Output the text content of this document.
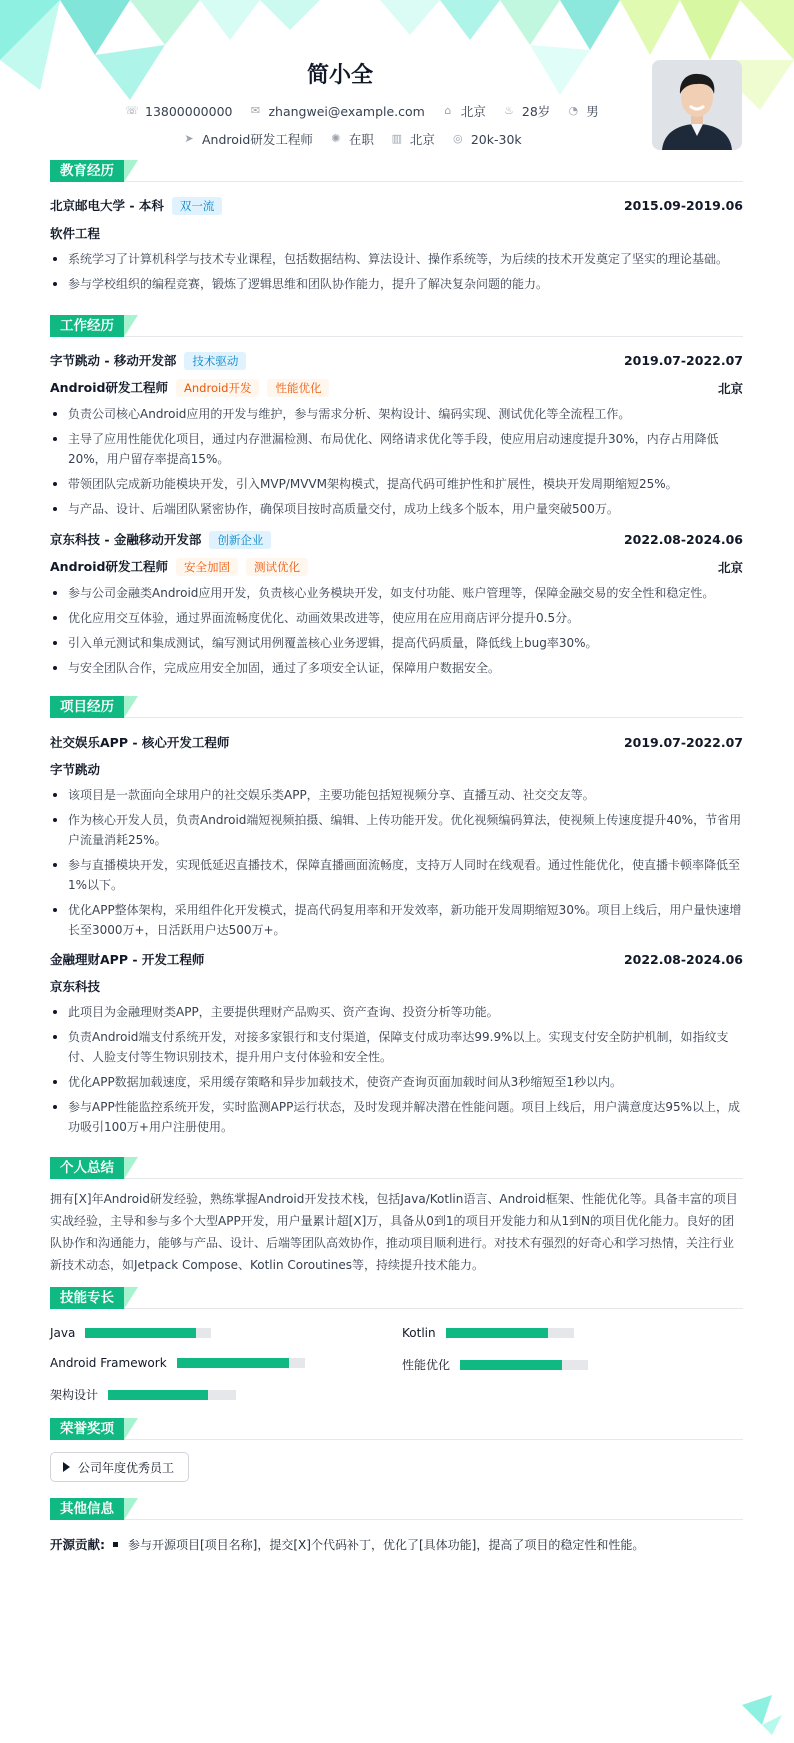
简小全
☏ 13800000000 ✉ zhangwei@example.com	⌂ 北京 ♨ 28岁 ◔ 男
➤ Android研发工程师 ✺ 在职 ▥ 北京 ◎ 20k-30k
教育经历
北京邮电大学 - 本科 双一流	2015.09-2019.06
软件工程
系统学习了计算机科学与技术专业课程，包括数据结构、算法设计、操作系统等，为后续的技术开发奠定了坚实的理论基础。
参与学校组织的编程竞赛，锻炼了逻辑思维和团队协作能力，提升了解决复杂问题的能力。
工作经历
字节跳动 - 移动开发部 技术驱动	2019.07-2022.07
Android研发工程师 Android开发 性能优化	北京
负责公司核心Android应用的开发与维护，参与需求分析、架构设计、编码实现、测试优化等全流程工作。
主导了应用性能优化项目，通过内存泄漏检测、布局优化、网络请求优化等手段，使应用启动速度提升30%，内存占用降低20%，用户留存率提高15%。
带领团队完成新功能模块开发，引入MVP/MVVM架构模式，提高代码可维护性和扩展性，模块开发周期缩短25%。
与产品、设计、后端团队紧密协作，确保项目按时高质量交付，成功上线多个版本，用户量突破500万。
京东科技 - 金融移动开发部 创新企业	2022.08-2024.06
Android研发工程师 安全加固 测试优化	北京
参与公司金融类Android应用开发，负责核心业务模块开发，如支付功能、账户管理等，保障金融交易的安全性和稳定性。
优化应用交互体验，通过界面流畅度优化、动画效果改进等，使应用在应用商店评分提升0.5分。
引入单元测试和集成测试，编写测试用例覆盖核心业务逻辑，提高代码质量，降低线上bug率30%。
与安全团队合作，完成应用安全加固，通过了多项安全认证，保障用户数据安全。
项目经历
社交娱乐APP - 核心开发工程师	2019.07-2022.07
字节跳动
该项目是一款面向全球用户的社交娱乐类APP，主要功能包括短视频分享、直播互动、社交交友等。
作为核心开发人员，负责Android端短视频拍摄、编辑、上传功能开发。优化视频编码算法，使视频上传速度提升40%，节省用户流量消耗25%。
参与直播模块开发，实现低延迟直播技术，保障直播画面流畅度，支持万人同时在线观看。通过性能优化，使直播卡顿率降低至1%以下。
优化APP整体架构，采用组件化开发模式，提高代码复用率和开发效率，新功能开发周期缩短30%。项目上线后，用户量快速增长至3000万+，日活跃用户达500万+。
金融理财APP - 开发工程师	2022.08-2024.06
京东科技
此项目为金融理财类APP，主要提供理财产品购买、资产查询、投资分析等功能。
负责Android端支付系统开发，对接多家银行和支付渠道，保障支付成功率达99.9%以上。实现支付安全防护机制，如指纹支付、人脸支付等生物识别技术，提升用户支付体验和安全性。
优化APP数据加载速度，采用缓存策略和异步加载技术，使资产查询页面加载时间从3秒缩短至1秒以内。
参与APP性能监控系统开发，实时监测APP运行状态，及时发现并解决潜在性能问题。项目上线后，用户满意度达95%以上，成功吸引100万+用户注册使用。
个人总结
拥有[X]年Android研发经验，熟练掌握Android开发技术栈，包括Java/Kotlin语言、Android框架、性能优化等。具备丰富的项目实战经验，主导和参与多个大型APP开发，用户量累计超[X]万，具备从0到1的项目开发能力和从1到N的项目优化能力。良好的团队协作和沟通能力，能够与产品、设计、后端等团队高效协作，推动项目顺利进行。对技术有强烈的好奇心和学习热情，关注行业新技术动态，如Jetpack Compose、Kotlin Coroutines等，持续提升技术能力。
技能专长
Java	Kotlin
Android Framework	性能优化
架构设计
荣誉奖项
公司年度优秀员工
其他信息
开源贡献: 参与开源项目[项目名称]，提交[X]个代码补丁，优化了[具体功能]，提高了项目的稳定性和性能。
